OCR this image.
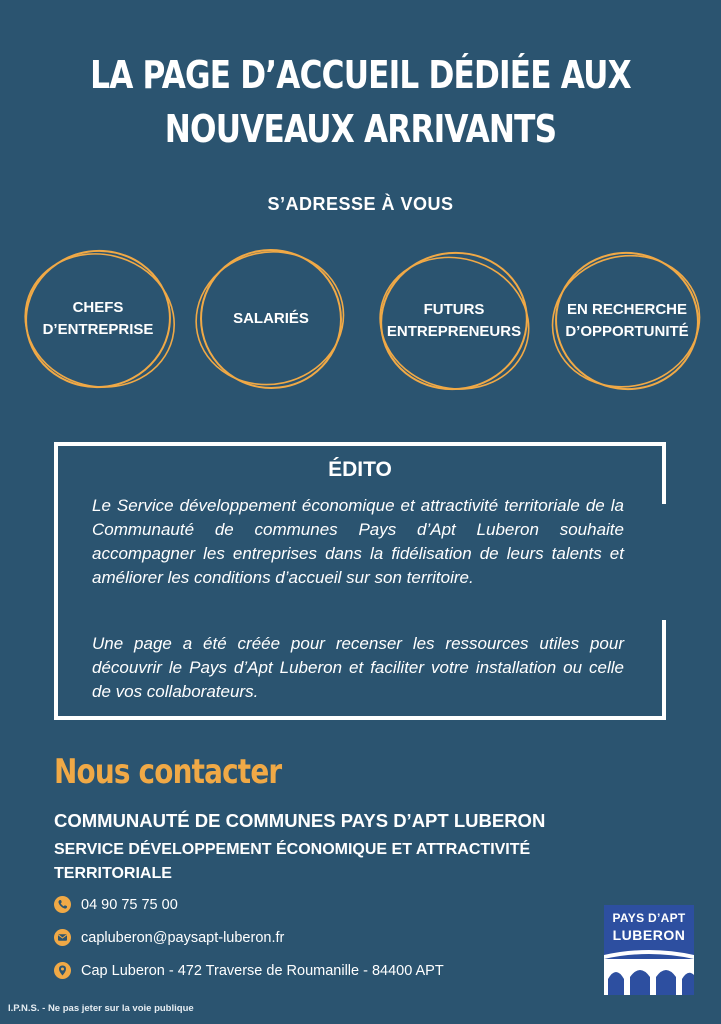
LA PAGE D’ACCUEIL DÉDIÉE AUX
NOUVEAUX ARRIVANTS
S’ADRESSE À VOUS
CHEFS
D’ENTREPRISE
SALARIÉS
FUTURS
ENTREPRENEURS
EN RECHERCHE
D’OPPORTUNITÉ
ÉDITO

Le Service développement économique et attractivité territoriale de la Communauté de communes Pays d’Apt Luberon souhaite accompagner les entreprises dans la fidélisation de leurs talents et améliorer les conditions d’accueil sur son territoire.

Une page a été créée pour recenser les ressources utiles pour découvrir le Pays d’Apt Luberon et faciliter votre installation ou celle de vos collaborateurs.

Nous contacter
COMMUNAUTÉ DE COMMUNES PAYS D’APT LUBERON
SERVICE DÉVELOPPEMENT ÉCONOMIQUE ET ATTRACTIVITÉ TERRITORIALE
04 90 75 75 00
capluberon@paysapt-luberon.fr
Cap Luberon - 472 Traverse de Roumanille - 84400 APT
PAYS D’APT
LUBERON
I.P.N.S. - Ne pas jeter sur la voie publique
